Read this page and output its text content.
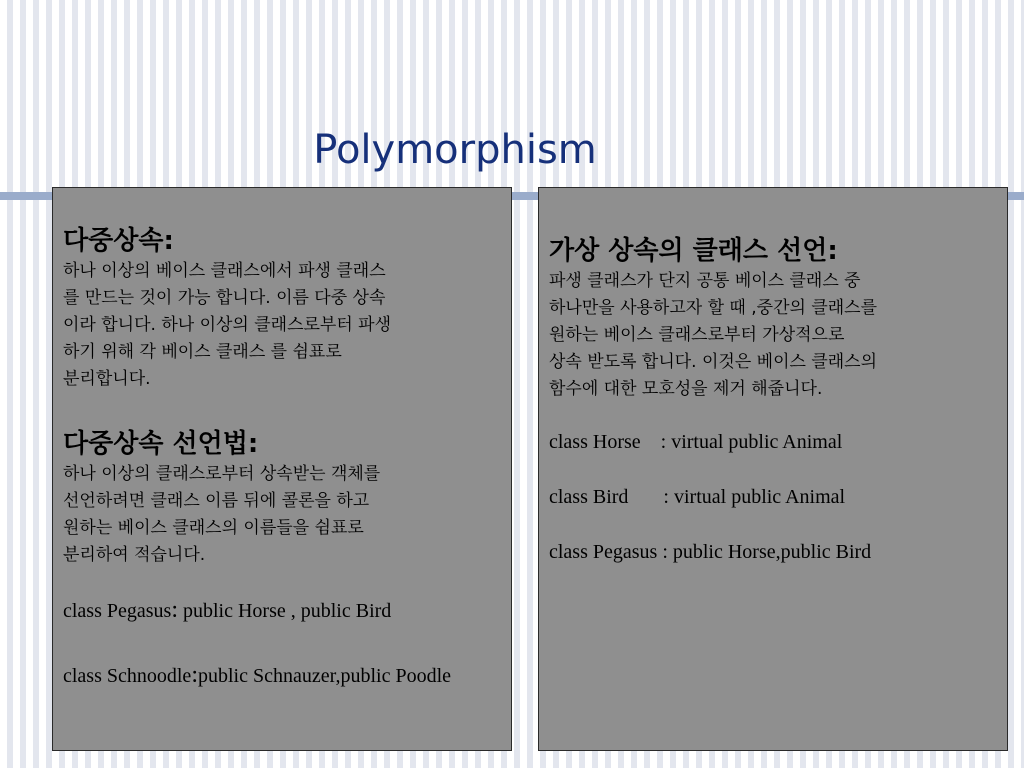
Polymorphism

다중상속:

하나 이상의 베이스 클래스에서 파생 클래스
를 만드는 것이 가능 합니다. 이름 다중 상속
이라 합니다. 하나 이상의 클래스로부터 파생
하기 위해 각 베이스 클래스 를 쉼표로
분리합니다.

다중상속 선언법:

하나 이상의 클래스로부터 상속받는 객체를
선언하려면 클래스 이름 뒤에 콜론을 하고
원하는 베이스 클래스의 이름들을 쉼표로
분리하여 적습니다.

class Pegasus: public Horse , public Bird

class Schnoodle:public Schnauzer,public Poodle

가상 상속의 클래스 선언:

파생 클래스가 단지 공통 베이스 클래스 중
하나만을 사용하고자 할 때 ,중간의 클래스를
원하는 베이스 클래스로부터 가상적으로
상속 받도록 합니다. 이것은 베이스 클래스의
함수에 대한 모호성을 제거 해줍니다.

class Horse    : virtual public Animal

class Bird       : virtual public Animal

class Pegasus : public Horse,public Bird
